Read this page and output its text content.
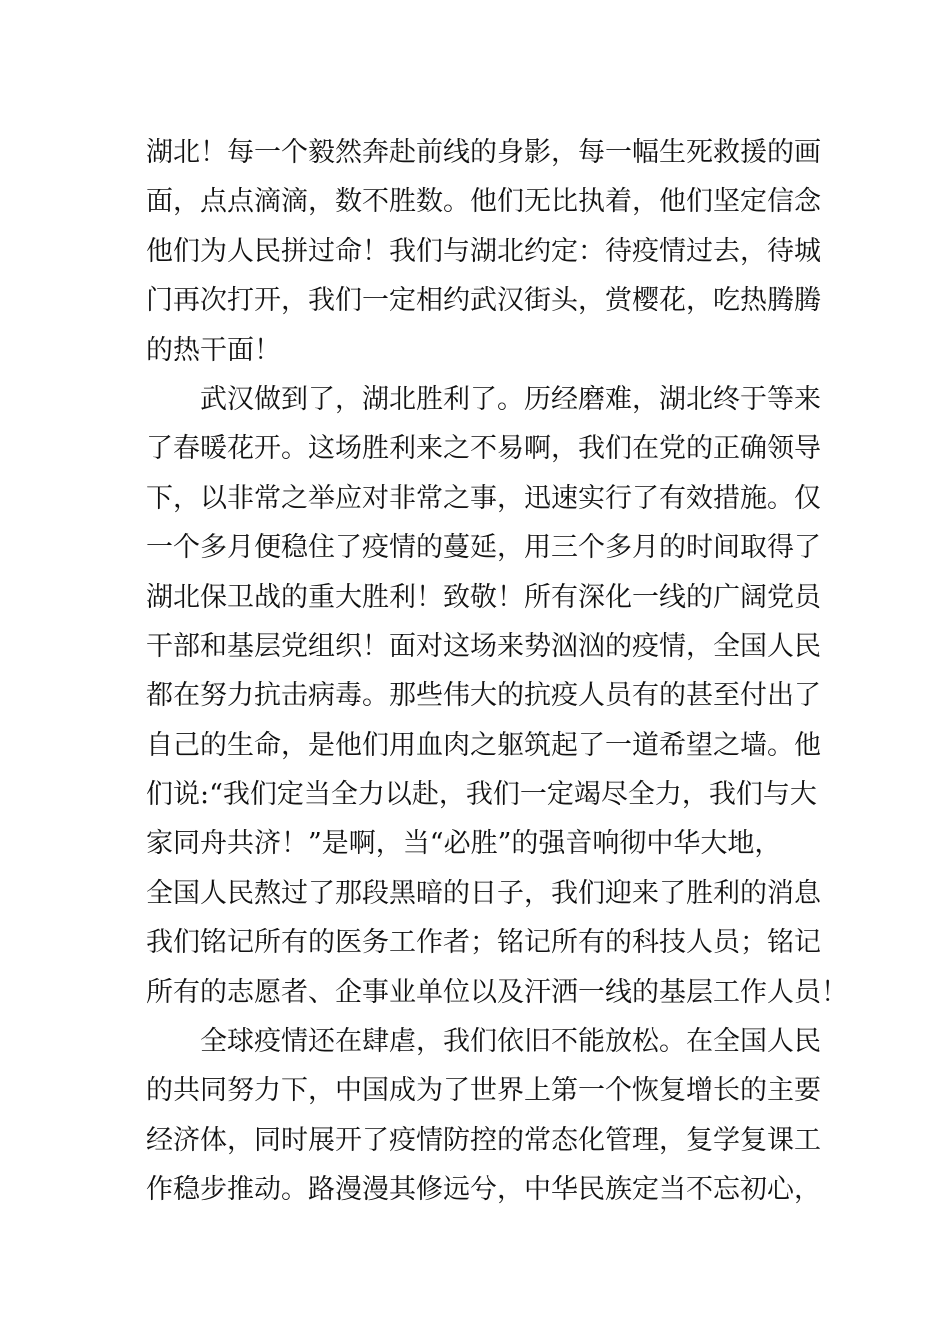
湖北！每一个毅然奔赴前线的身影，每一幅生死救援的画
面，点点滴滴，数不胜数。他们无比执着，他们坚定信念
他们为人民拼过命！我们与湖北约定：待疫情过去，待城
门再次打开，我们一定相约武汉街头，赏樱花，吃热腾腾
的热干面！
武汉做到了，湖北胜利了。历经磨难，湖北终于等来
了春暖花开。这场胜利来之不易啊，我们在党的正确领导
下，以非常之举应对非常之事，迅速实行了有效措施。仅
一个多月便稳住了疫情的蔓延，用三个多月的时间取得了
湖北保卫战的重大胜利！致敬！所有深化一线的广阔党员
干部和基层党组织！面对这场来势汹汹的疫情，全国人民
都在努力抗击病毒。那些伟大的抗疫人员有的甚至付出了
自己的生命，是他们用血肉之躯筑起了一道希望之墙。他
们说:“我们定当全力以赴，我们一定竭尽全力，我们与大
家同舟共济！”是啊，当“必胜”的强音响彻中华大地，
全国人民熬过了那段黑暗的日子，我们迎来了胜利的消息
我们铭记所有的医务工作者；铭记所有的科技人员；铭记
所有的志愿者、企事业单位以及汗洒一线的基层工作人员！
全球疫情还在肆虐，我们依旧不能放松。在全国人民
的共同努力下，中国成为了世界上第一个恢复增长的主要
经济体，同时展开了疫情防控的常态化管理，复学复课工
作稳步推动。路漫漫其修远兮，中华民族定当不忘初心，
